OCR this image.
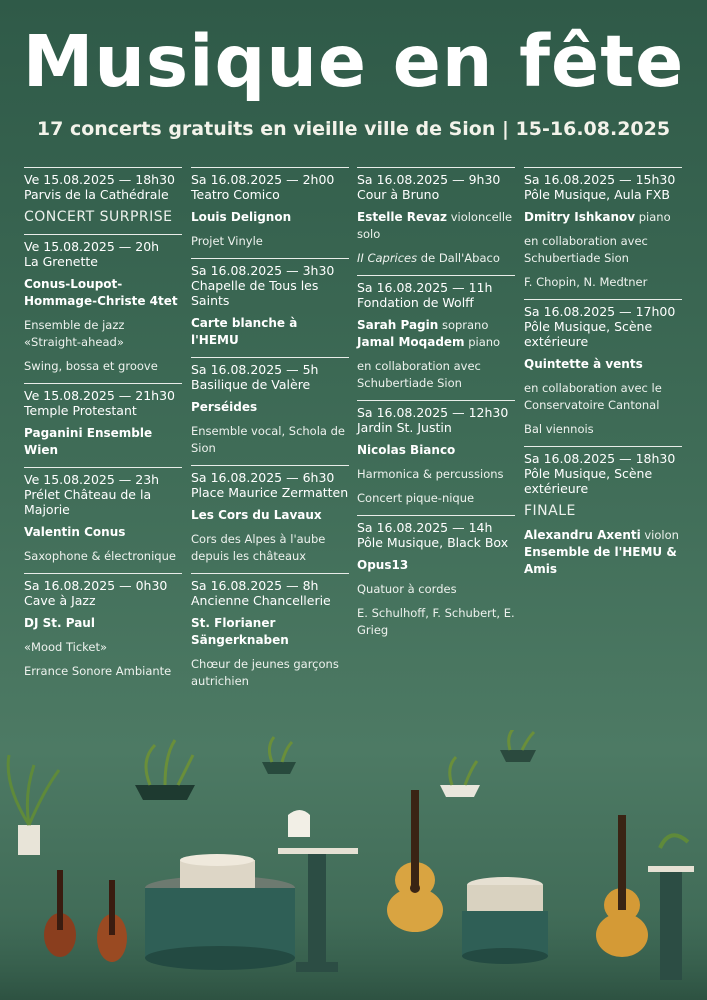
Musique en fête
17 concerts gratuits en vieille ville de Sion | 15-16.08.2025
Ve 15.08.2025 — 18h30
Parvis de la Cathédrale
CONCERT SURPRISE
Ve 15.08.2025 — 20h
La Grenette
Conus-Loupot-Hommage-Christe 4tet
Ensemble de jazz «Straight-ahead»
Swing, bossa et groove
Ve 15.08.2025 — 21h30
Temple Protestant
Paganini Ensemble Wien
Ve 15.08.2025 — 23h
Prélet Château de la Majorie
Valentin Conus
Saxophone & électronique
Sa 16.08.2025 — 0h30
Cave à Jazz
DJ St. Paul
«Mood Ticket»
Errance Sonore Ambiante
Sa 16.08.2025 — 2h00
Teatro Comico
Louis Delignon
Projet Vinyle
Sa 16.08.2025 — 3h30
Chapelle de Tous les Saints
Carte blanche à l'HEMU
Sa 16.08.2025 — 5h
Basilique de Valère
Perséides
Ensemble vocal, Schola de Sion
Sa 16.08.2025 — 6h30
Place Maurice Zermatten
Les Cors du Lavaux
Cors des Alpes à l'aube depuis les châteaux
Sa 16.08.2025 — 8h
Ancienne Chancellerie
St. Florianer Sängerknaben
Chœur de jeunes garçons autrichien
Sa 16.08.2025 — 9h30
Cour à Bruno
Estelle Revaz violoncelle solo
II Caprices de Dall'Abaco
Sa 16.08.2025 — 11h
Fondation de Wolff
Sarah Pagin soprano
Jamal Moqadem piano
en collaboration avec Schubertiade Sion
Sa 16.08.2025 — 12h30
Jardin St. Justin
Nicolas Bianco
Harmonica & percussions
Concert pique-nique
Sa 16.08.2025 — 14h
Pôle Musique, Black Box
Opus13
Quatuor à cordes
E. Schulhoff, F. Schubert, E. Grieg
Sa 16.08.2025 — 15h30
Pôle Musique, Aula FXB
Dmitry Ishkanov piano
en collaboration avec Schubertiade Sion
F. Chopin, N. Medtner
Sa 16.08.2025 — 17h00
Pôle Musique, Scène extérieure
Quintette à vents
en collaboration avec le Conservatoire Cantonal
Bal viennois
Sa 16.08.2025 — 18h30
Pôle Musique, Scène extérieure
FINALE
Alexandru Axenti violon
Ensemble de l'HEMU & Amis
